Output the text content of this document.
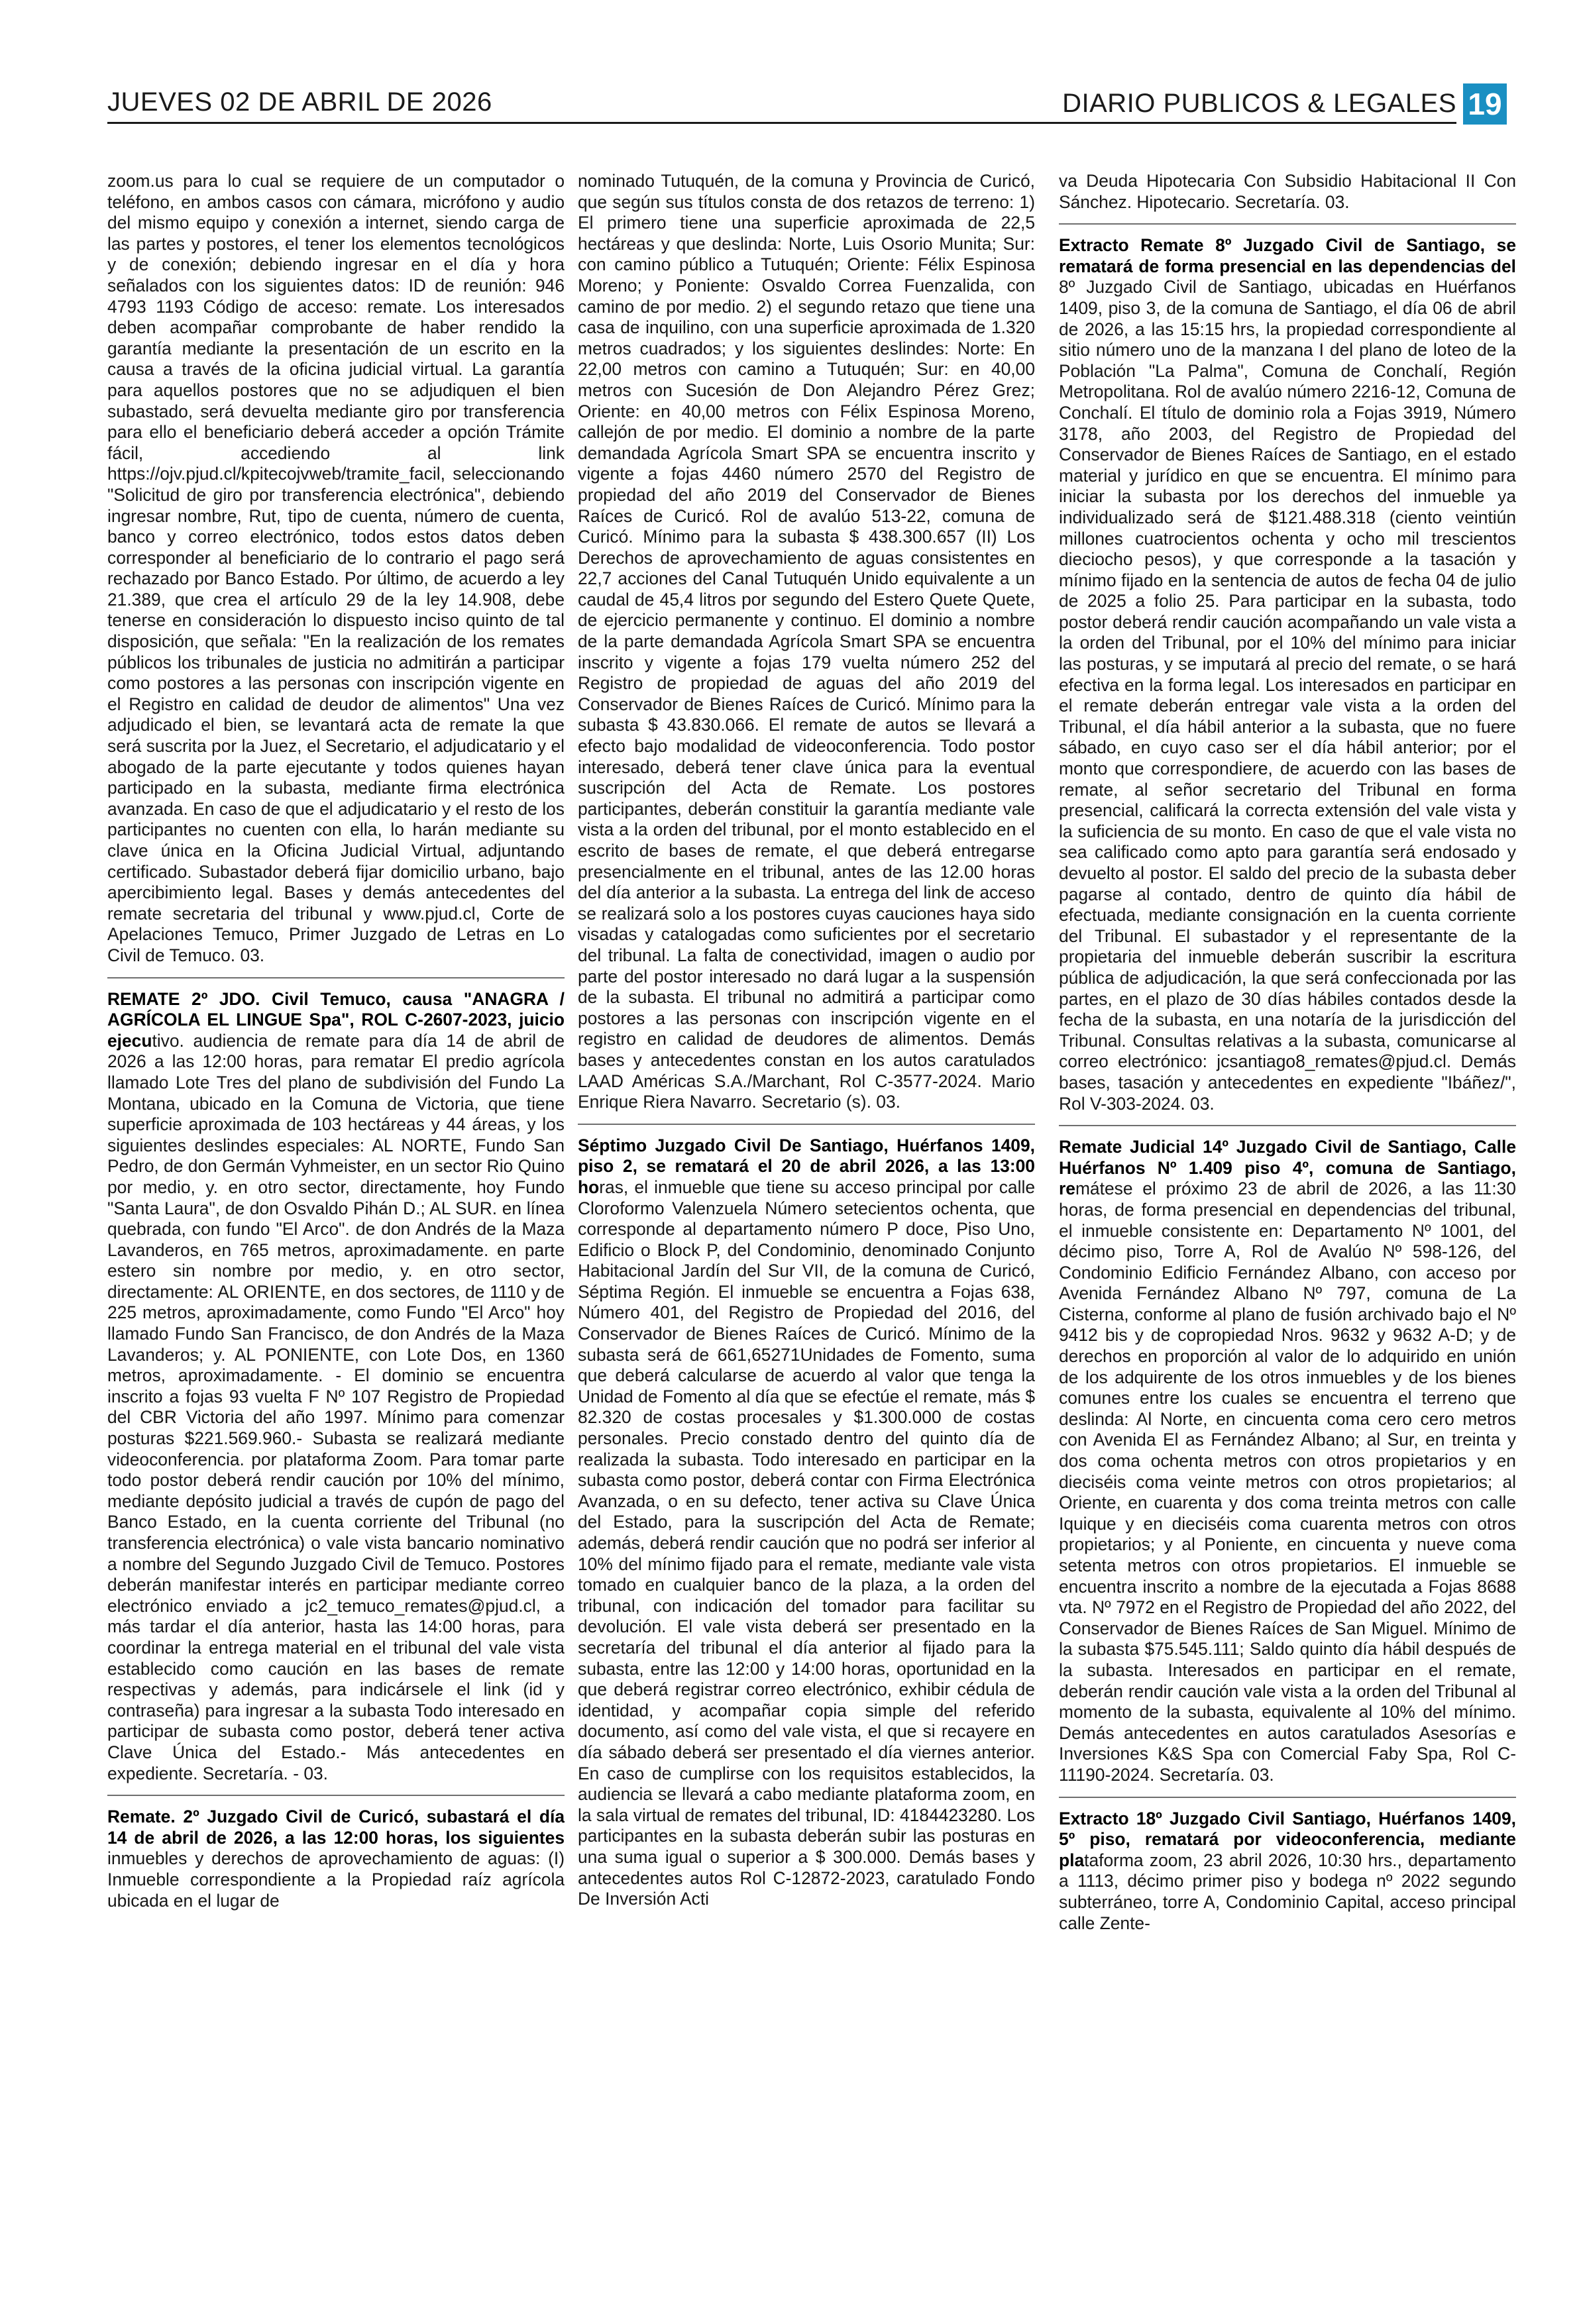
JUEVES 02 DE ABRIL DE 2026	DIARIO PUBLICOS & LEGALES 19

zoom.us para lo cual se requiere de un computador o teléfono, en ambos casos con cámara, micrófono y audio del mismo equipo y conexión a internet, siendo carga de las partes y postores, el tener los elementos tecnológicos y de conexión; debiendo ingresar en el día y hora señalados con los siguientes datos: ID de reunión: 946 4793 1193 Código de acceso: remate. Los interesados deben acompañar comprobante de haber rendido la garantía mediante la presentación de un escrito en la causa a través de la oficina judicial virtual. La garantía para aquellos postores que no se adjudiquen el bien subastado, será devuelta mediante giro por transferencia para ello el beneficiario deberá acceder a opción Trámite fácil, accediendo al link https://ojv.pjud.cl/kpitecojvweb/tramite_facil, seleccionando "Solicitud de giro por transferencia electrónica", debiendo ingresar nombre, Rut, tipo de cuenta, número de cuenta, banco y correo electrónico, todos estos datos deben corresponder al beneficiario de lo contrario el pago será rechazado por Banco Estado. Por último, de acuerdo a ley 21.389, que crea el artículo 29 de la ley 14.908, debe tenerse en consideración lo dispuesto inciso quinto de tal disposición, que señala: "En la realización de los remates públicos los tribunales de justicia no admitirán a participar como postores a las personas con inscripción vigente en el Registro en calidad de deudor de alimentos" Una vez adjudicado el bien, se levantará acta de remate la que será suscrita por la Juez, el Secretario, el adjudicatario y el abogado de la parte ejecutante y todos quienes hayan participado en la subasta, mediante firma electrónica avanzada. En caso de que el adjudicatario y el resto de los participantes no cuenten con ella, lo harán mediante su clave única en la Oficina Judicial Virtual, adjuntando certificado. Subastador deberá fijar domicilio urbano, bajo apercibimiento legal. Bases y demás antecedentes del remate secretaria del tribunal y www.pjud.cl, Corte de Apelaciones Temuco, Primer Juzgado de Letras en Lo Civil de Temuco. 03.

REMATE 2º JDO. Civil Temuco, causa "ANAGRA / AGRÍCOLA EL LINGUE Spa", ROL C-2607-2023, juicio ejecutivo. audiencia de remate para día 14 de abril de 2026 a las 12:00 horas, para rematar El predio agrícola llamado Lote Tres del plano de subdivisión del Fundo La Montana, ubicado en la Comuna de Victoria, que tiene superficie aproximada de 103 hectáreas y 44 áreas, y los siguientes deslindes especiales: AL NORTE, Fundo San Pedro, de don Germán Vyhmeister, en un sector Rio Quino por medio, y. en otro sector, directamente, hoy Fundo "Santa Laura", de don Osvaldo Pihán D.; AL SUR. en línea quebrada, con fundo "El Arco". de don Andrés de la Maza Lavanderos, en 765 metros, aproximadamente. en parte estero sin nombre por medio, y. en otro sector, directamente: AL ORIENTE, en dos sectores, de 1110 y de 225 metros, aproximadamente, como Fundo "El Arco" hoy llamado Fundo San Francisco, de don Andrés de la Maza Lavanderos; y. AL PONIENTE, con Lote Dos, en 1360 metros, aproximadamente. - El dominio se encuentra inscrito a fojas 93 vuelta F Nº 107 Registro de Propiedad del CBR Victoria del año 1997. Mínimo para comenzar posturas $221.569.960.- Subasta se realizará mediante videoconferencia. por plataforma Zoom. Para tomar parte todo postor deberá rendir caución por 10% del mínimo, mediante depósito judicial a través de cupón de pago del Banco Estado, en la cuenta corriente del Tribunal (no transferencia electrónica) o vale vista bancario nominativo a nombre del Segundo Juzgado Civil de Temuco. Postores deberán manifestar interés en participar mediante correo electrónico enviado a jc2_temuco_remates@pjud.cl, a más tardar el día anterior, hasta las 14:00 horas, para coordinar la entrega material en el tribunal del vale vista establecido como caución en las bases de remate respectivas y además, para indicársele el link (id y contraseña) para ingresar a la subasta Todo interesado en participar de subasta como postor, deberá tener activa Clave Única del Estado.- Más antecedentes en expediente. Secretaría. - 03.

Remate. 2º Juzgado Civil de Curicó, subastará el día 14 de abril de 2026, a las 12:00 horas, los siguientes inmuebles y derechos de aprovechamiento de aguas: (I) Inmueble correspondiente a la Propiedad raíz agrícola ubicada en el lugar de

nominado Tutuquén, de la comuna y Provincia de Curicó, que según sus títulos consta de dos retazos de terreno: 1) El primero tiene una superficie aproximada de 22,5 hectáreas y que deslinda: Norte, Luis Osorio Munita; Sur: con camino público a Tutuquén; Oriente: Félix Espinosa Moreno; y Poniente: Osvaldo Correa Fuenzalida, con camino de por medio. 2) el segundo retazo que tiene una casa de inquilino, con una superficie aproximada de 1.320 metros cuadrados; y los siguientes deslindes: Norte: En 22,00 metros con camino a Tutuquén; Sur: en 40,00 metros con Sucesión de Don Alejandro Pérez Grez; Oriente: en 40,00 metros con Félix Espinosa Moreno, callejón de por medio. El dominio a nombre de la parte demandada Agrícola Smart SPA se encuentra inscrito y vigente a fojas 4460 número 2570 del Registro de propiedad del año 2019 del Conservador de Bienes Raíces de Curicó. Rol de avalúo 513-22, comuna de Curicó. Mínimo para la subasta $ 438.300.657 (II) Los Derechos de aprovechamiento de aguas consistentes en 22,7 acciones del Canal Tutuquén Unido equivalente a un caudal de 45,4 litros por segundo del Estero Quete Quete, de ejercicio permanente y continuo. El dominio a nombre de la parte demandada Agrícola Smart SPA se encuentra inscrito y vigente a fojas 179 vuelta número 252 del Registro de propiedad de aguas del año 2019 del Conservador de Bienes Raíces de Curicó. Mínimo para la subasta $ 43.830.066. El remate de autos se llevará a efecto bajo modalidad de videoconferencia. Todo postor interesado, deberá tener clave única para la eventual suscripción del Acta de Remate. Los postores participantes, deberán constituir la garantía mediante vale vista a la orden del tribunal, por el monto establecido en el escrito de bases de remate, el que deberá entregarse presencialmente en el tribunal, antes de las 12.00 horas del día anterior a la subasta. La entrega del link de acceso se realizará solo a los postores cuyas cauciones haya sido visadas y catalogadas como suficientes por el secretario del tribunal. La falta de conectividad, imagen o audio por parte del postor interesado no dará lugar a la suspensión de la subasta. El tribunal no admitirá a participar como postores a las personas con inscripción vigente en el registro en calidad de deudores de alimentos. Demás bases y antecedentes constan en los autos caratulados LAAD Américas S.A./Marchant, Rol C-3577-2024. Mario Enrique Riera Navarro. Secretario (s). 03.

Séptimo Juzgado Civil De Santiago, Huérfanos 1409, piso 2, se rematará el 20 de abril 2026, a las 13:00 horas, el inmueble que tiene su acceso principal por calle Cloroformo Valenzuela Número setecientos ochenta, que corresponde al departamento número P doce, Piso Uno, Edificio o Block P, del Condominio, denominado Conjunto Habitacional Jardín del Sur VII, de la comuna de Curicó, Séptima Región. El inmueble se encuentra a Fojas 638, Número 401, del Registro de Propiedad del 2016, del Conservador de Bienes Raíces de Curicó. Mínimo de la subasta será de 661,65271Unidades de Fomento, suma que deberá calcularse de acuerdo al valor que tenga la Unidad de Fomento al día que se efectúe el remate, más $ 82.320 de costas procesales y $1.300.000 de costas personales. Precio constado dentro del quinto día de realizada la subasta. Todo interesado en participar en la subasta como postor, deberá contar con Firma Electrónica Avanzada, o en su defecto, tener activa su Clave Única del Estado, para la suscripción del Acta de Remate; además, deberá rendir caución que no podrá ser inferior al 10% del mínimo fijado para el remate, mediante vale vista tomado en cualquier banco de la plaza, a la orden del tribunal, con indicación del tomador para facilitar su devolución. El vale vista deberá ser presentado en la secretaría del tribunal el día anterior al fijado para la subasta, entre las 12:00 y 14:00 horas, oportunidad en la que deberá registrar correo electrónico, exhibir cédula de identidad, y acompañar copia simple del referido documento, así como del vale vista, el que si recayere en día sábado deberá ser presentado el día viernes anterior. En caso de cumplirse con los requisitos establecidos, la audiencia se llevará a cabo mediante plataforma zoom, en la sala virtual de remates del tribunal, ID: 4184423280. Los participantes en la subasta deberán subir las posturas en una suma igual o superior a $ 300.000. Demás bases y antecedentes autos Rol C-12872-2023, caratulado Fondo De Inversión Acti

va Deuda Hipotecaria Con Subsidio Habitacional II Con Sánchez. Hipotecario. Secretaría. 03.

Extracto Remate 8º Juzgado Civil de Santiago, se rematará de forma presencial en las dependencias del 8º Juzgado Civil de Santiago, ubicadas en Huérfanos 1409, piso 3, de la comuna de Santiago, el día 06 de abril de 2026, a las 15:15 hrs, la propiedad correspondiente al sitio número uno de la manzana I del plano de loteo de la Población "La Palma", Comuna de Conchalí, Región Metropolitana. Rol de avalúo número 2216-12, Comuna de Conchalí. El título de dominio rola a Fojas 3919, Número 3178, año 2003, del Registro de Propiedad del Conservador de Bienes Raíces de Santiago, en el estado material y jurídico en que se encuentra. El mínimo para iniciar la subasta por los derechos del inmueble ya individualizado será de $121.488.318 (ciento veintiún millones cuatrocientos ochenta y ocho mil trescientos dieciocho pesos), y que corresponde a la tasación y mínimo fijado en la sentencia de autos de fecha 04 de julio de 2025 a folio 25. Para participar en la subasta, todo postor deberá rendir caución acompañando un vale vista a la orden del Tribunal, por el 10% del mínimo para iniciar las posturas, y se imputará al precio del remate, o se hará efectiva en la forma legal. Los interesados en participar en el remate deberán entregar vale vista a la orden del Tribunal, el día hábil anterior a la subasta, que no fuere sábado, en cuyo caso ser el día hábil anterior; por el monto que correspondiere, de acuerdo con las bases de remate, al señor secretario del Tribunal en forma presencial, calificará la correcta extensión del vale vista y la suficiencia de su monto. En caso de que el vale vista no sea calificado como apto para garantía será endosado y devuelto al postor. El saldo del precio de la subasta deber pagarse al contado, dentro de quinto día hábil de efectuada, mediante consignación en la cuenta corriente del Tribunal. El subastador y el representante de la propietaria del inmueble deberán suscribir la escritura pública de adjudicación, la que será confeccionada por las partes, en el plazo de 30 días hábiles contados desde la fecha de la subasta, en una notaría de la jurisdicción del Tribunal. Consultas relativas a la subasta, comunicarse al correo electrónico: jcsantiago8_remates@pjud.cl. Demás bases, tasación y antecedentes en expediente "Ibáñez/", Rol V-303-2024. 03.

Remate Judicial 14º Juzgado Civil de Santiago, Calle Huérfanos Nº 1.409 piso 4º, comuna de Santiago, remátese el próximo 23 de abril de 2026, a las 11:30 horas, de forma presencial en dependencias del tribunal, el inmueble consistente en: Departamento Nº 1001, del décimo piso, Torre A, Rol de Avalúo Nº 598-126, del Condominio Edificio Fernández Albano, con acceso por Avenida Fernández Albano Nº 797, comuna de La Cisterna, conforme al plano de fusión archivado bajo el Nº 9412 bis y de copropiedad Nros. 9632 y 9632 A-D; y de derechos en proporción al valor de lo adquirido en unión de los adquirente de los otros inmuebles y de los bienes comunes entre los cuales se encuentra el terreno que deslinda: Al Norte, en cincuenta coma cero cero metros con Avenida El as Fernández Albano; al Sur, en treinta y dos coma ochenta metros con otros propietarios y en dieciséis coma veinte metros con otros propietarios; al Oriente, en cuarenta y dos coma treinta metros con calle Iquique y en dieciséis coma cuarenta metros con otros propietarios; y al Poniente, en cincuenta y nueve coma setenta metros con otros propietarios. El inmueble se encuentra inscrito a nombre de la ejecutada a Fojas 8688 vta. Nº 7972 en el Registro de Propiedad del año 2022, del Conservador de Bienes Raíces de San Miguel. Mínimo de la subasta $75.545.111; Saldo quinto día hábil después de la subasta. Interesados en participar en el remate, deberán rendir caución vale vista a la orden del Tribunal al momento de la subasta, equivalente al 10% del mínimo. Demás antecedentes en autos caratulados Asesorías e Inversiones K&S Spa con Comercial Faby Spa, Rol C-11190-2024. Secretaría. 03.

Extracto 18º Juzgado Civil Santiago, Huérfanos 1409, 5º piso, rematará por videoconferencia, mediante plataforma zoom, 23 abril 2026, 10:30 hrs., departamento a 1113, décimo primer piso y bodega nº 2022 segundo subterráneo, torre A, Condominio Capital, acceso principal calle Zente-
